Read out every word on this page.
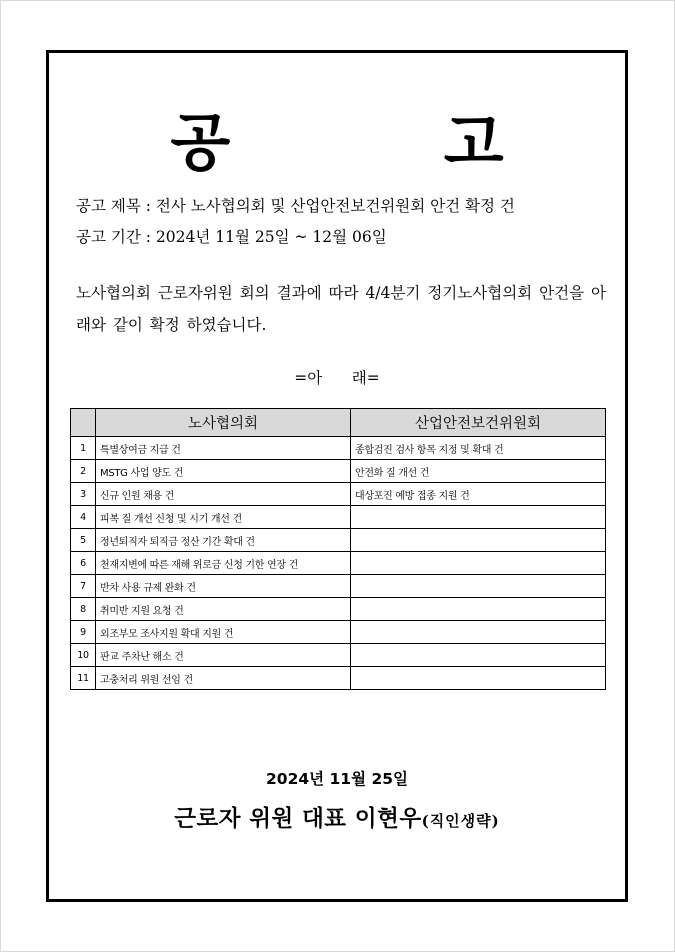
공 고
공고 제목 : 전사 노사협의회 및 산업안전보건위원회 안건 확정 건
공고 기간 : 2024년 11월 25일 ~ 12월 06일
노사협의회 근로자위원 회의 결과에 따라 4/4분기 정기노사협의회 안건을 아래와 같이 확정 하였습니다.
=아      래=
	노사협의회	산업안전보건위원회
1	특별상여금 지급 건	종합검진 검사 항목 지정 및 확대 건
2	MSTG 사업 양도 건	안전화 질 개선 건
3	신규 인원 채용 건	대상포진 예방 접종 지원 건
4	피복 질 개선 신청 및 시기 개선 건	
5	정년퇴직자 퇴직금 정산 기간 확대 건	
6	천재지변에 따른 재해 위로금 신청 기한 연장 건	
7	반차 사용 규제 완화 건	
8	취미반 지원 요청 건	
9	외조부모 조사지원 확대 지원 건	
10	판교 주차난 해소 건	
11	고충처리 위원 선임 건	
2024년 11월 25일
근로자 위원 대표 이현우(직인생략)
